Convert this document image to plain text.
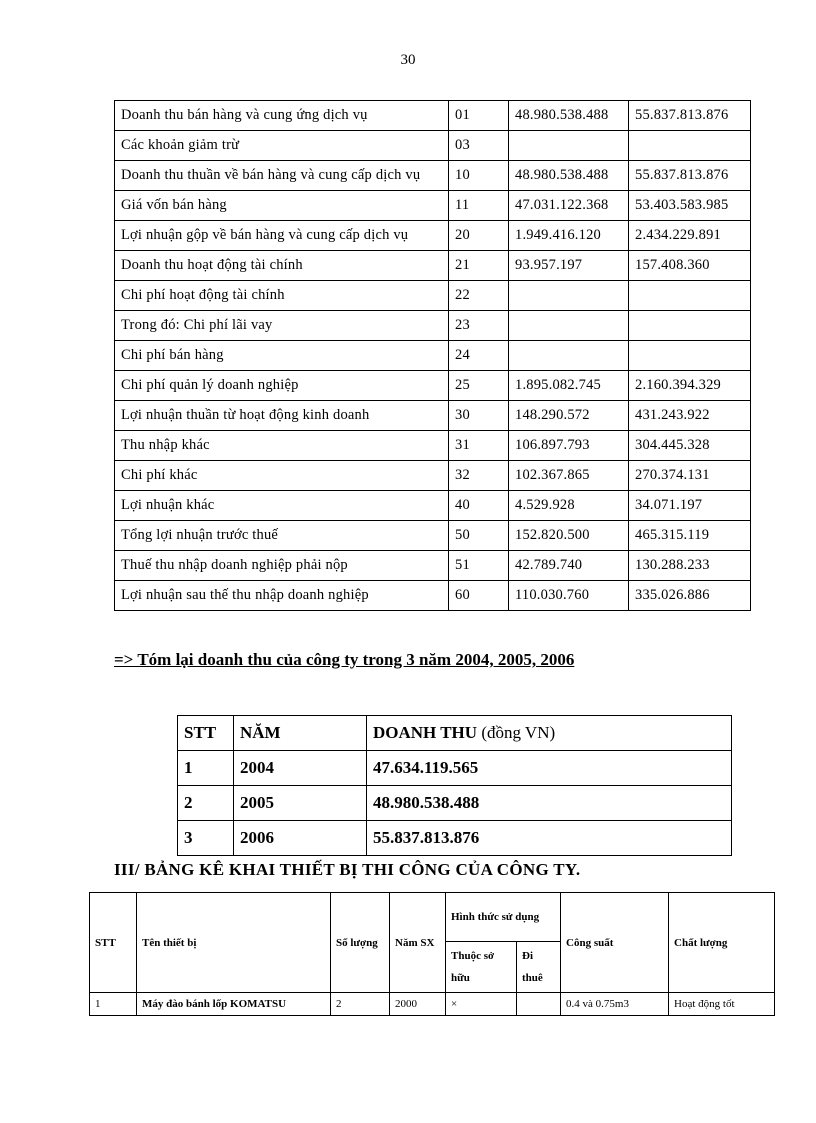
30
Doanh thu bán hàng và cung ứng dịch vụ	01	48.980.538.488	55.837.813.876
Các khoản giảm trừ	03		
Doanh thu thuần về bán hàng và cung cấp dịch vụ	10	48.980.538.488	55.837.813.876
Giá vốn bán hàng	11	47.031.122.368	53.403.583.985
Lợi nhuận gộp về bán hàng và cung cấp dịch vụ	20	1.949.416.120	2.434.229.891
Doanh thu hoạt động tài chính	21	93.957.197	157.408.360
Chi phí hoạt động tài chính	22		
Trong đó: Chi phí lãi vay	23		
Chi phí bán hàng	24		
Chi phí quản lý doanh nghiệp	25	1.895.082.745	2.160.394.329
Lợi nhuận thuần từ hoạt động kinh doanh	30	148.290.572	431.243.922
Thu nhập khác	31	106.897.793	304.445.328
Chi phí khác	32	102.367.865	270.374.131
Lợi nhuận khác	40	4.529.928	34.071.197
Tổng lợi nhuận trước thuế	50	152.820.500	465.315.119
Thuế thu nhập doanh nghiệp phải nộp	51	42.789.740	130.288.233
Lợi nhuận sau thế thu nhập doanh nghiệp	60	110.030.760	335.026.886
=> Tóm lại doanh thu của công ty trong 3 năm 2004, 2005, 2006
STT	NĂM	DOANH THU (đồng VN)
1	2004	47.634.119.565
2	2005	48.980.538.488
3	2006	55.837.813.876
III/ BẢNG KÊ KHAI THIẾT BỊ THI CÔNG CỦA CÔNG TY.
STT	Tên thiết bị	Số lượng	Năm SX	Hình thức sử dụng		Công suất	Chất lượng
				Thuộc sở hữu	Đi thuê		
1	Máy đào bánh lốp KOMATSU	2	2000	×		0.4 và 0.75m3	Hoạt động tốt
